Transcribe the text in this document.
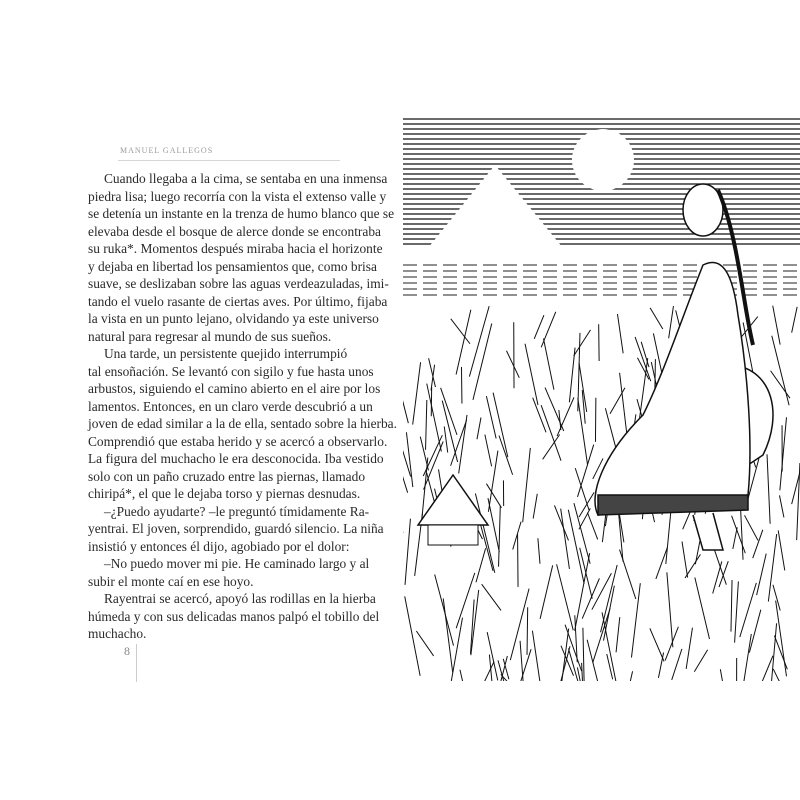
MANUEL GALLEGOS
Cuando llegaba a la cima, se sentaba en una inmensa
piedra lisa; luego recorría con la vista el extenso valle y
se detenía un instante en la trenza de humo blanco que se
elevaba desde el bosque de alerce donde se encontraba
su ruka*. Momentos después miraba hacia el horizonte
y dejaba en libertad los pensamientos que, como brisa
suave, se deslizaban sobre las aguas verdeazuladas, imi-
tando el vuelo rasante de ciertas aves. Por último, fijaba
la vista en un punto lejano, olvidando ya este universo
natural para regresar al mundo de sus sueños.
Una tarde, un persistente quejido interrumpió
tal ensoñación. Se levantó con sigilo y fue hasta unos
arbustos, siguiendo el camino abierto en el aire por los
lamentos. Entonces, en un claro verde descubrió a un
joven de edad similar a la de ella, sentado sobre la hierba.
Comprendió que estaba herido y se acercó a observarlo.
La figura del muchacho le era desconocida. Iba vestido
solo con un paño cruzado entre las piernas, llamado
chiripá*, el que le dejaba torso y piernas desnudas.
–¿Puedo ayudarte? –le preguntó tímidamente Ra-
yentrai. El joven, sorprendido, guardó silencio. La niña
insistió y entonces él dijo, agobiado por el dolor:
–No puedo mover mi pie. He caminado largo y al
subir el monte caí en ese hoyo.
Rayentrai se acercó, apoyó las rodillas en la hierba
húmeda y con sus delicadas manos palpó el tobillo del
muchacho.
8
